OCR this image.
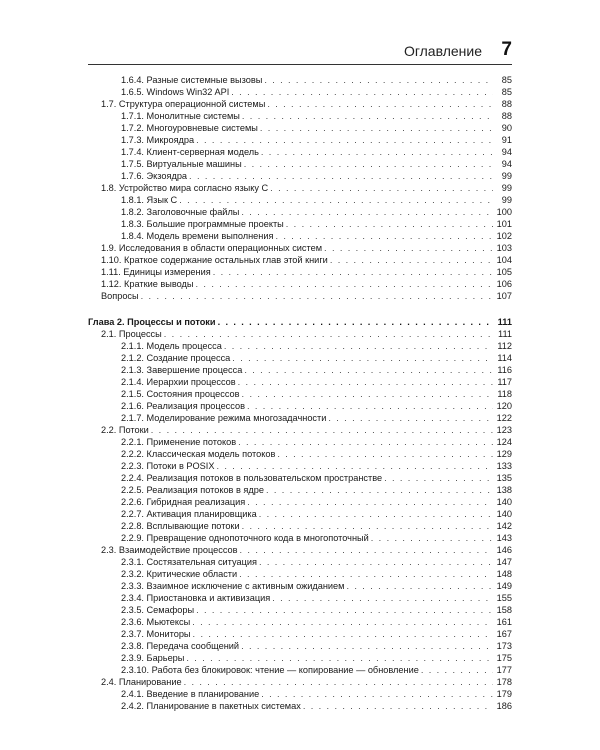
Оглавление 7
1.6.4. Разные системные вызовы . . .	85
1.6.5. Windows Win32 API . . .	85
1.7. Структура операционной системы . . .	88
1.7.1. Монолитные системы . . .	88
1.7.2. Многоуровневые системы . . .	90
1.7.3. Микроядра . . .	91
1.7.4. Клиент-серверная модель . . .	94
1.7.5. Виртуальные машины . . .	94
1.7.6. Экзоядра . . .	99
1.8. Устройство мира согласно языку С . . .	99
1.8.1. Язык С . . .	99
1.8.2. Заголовочные файлы . . .	100
1.8.3. Большие программные проекты . . .	101
1.8.4. Модель времени выполнения . . .	102
1.9. Исследования в области операционных систем . . .	103
1.10. Краткое содержание остальных глав этой книги . . .	104
1.11. Единицы измерения . . .	105
1.12. Краткие выводы . . .	106
Вопросы . . .	107
Глава 2. Процессы и потоки . . .	111
2.1. Процессы . . .	111
2.1.1. Модель процесса . . .	112
2.1.2. Создание процесса . . .	114
2.1.3. Завершение процесса . . .	116
2.1.4. Иерархии процессов . . .	117
2.1.5. Состояния процессов . . .	118
2.1.6. Реализация процессов . . .	120
2.1.7. Моделирование режима многозадачности . . .	122
2.2. Потоки . . .	123
2.2.1. Применение потоков . . .	124
2.2.2. Классическая модель потоков . . .	129
2.2.3. Потоки в POSIX . . .	133
2.2.4. Реализация потоков в пользовательском пространстве . . .	135
2.2.5. Реализация потоков в ядре . . .	138
2.2.6. Гибридная реализация . . .	140
2.2.7. Активация планировщика . . .	140
2.2.8. Всплывающие потоки . . .	142
2.2.9. Превращение однопоточного кода в многопоточный . . .	143
2.3. Взаимодействие процессов . . .	146
2.3.1. Состязательная ситуация . . .	147
2.3.2. Критические области . . .	148
2.3.3. Взаимное исключение с активным ожиданием . . .	149
2.3.4. Приостановка и активизация . . .	155
2.3.5. Семафоры . . .	158
2.3.6. Мьютексы . . .	161
2.3.7. Мониторы . . .	167
2.3.8. Передача сообщений . . .	173
2.3.9. Барьеры . . .	175
2.3.10. Работа без блокировок: чтение — копирование — обновление . . .	177
2.4. Планирование . . .	178
2.4.1. Введение в планирование . . .	179
2.4.2. Планирование в пакетных системах . . .	186
